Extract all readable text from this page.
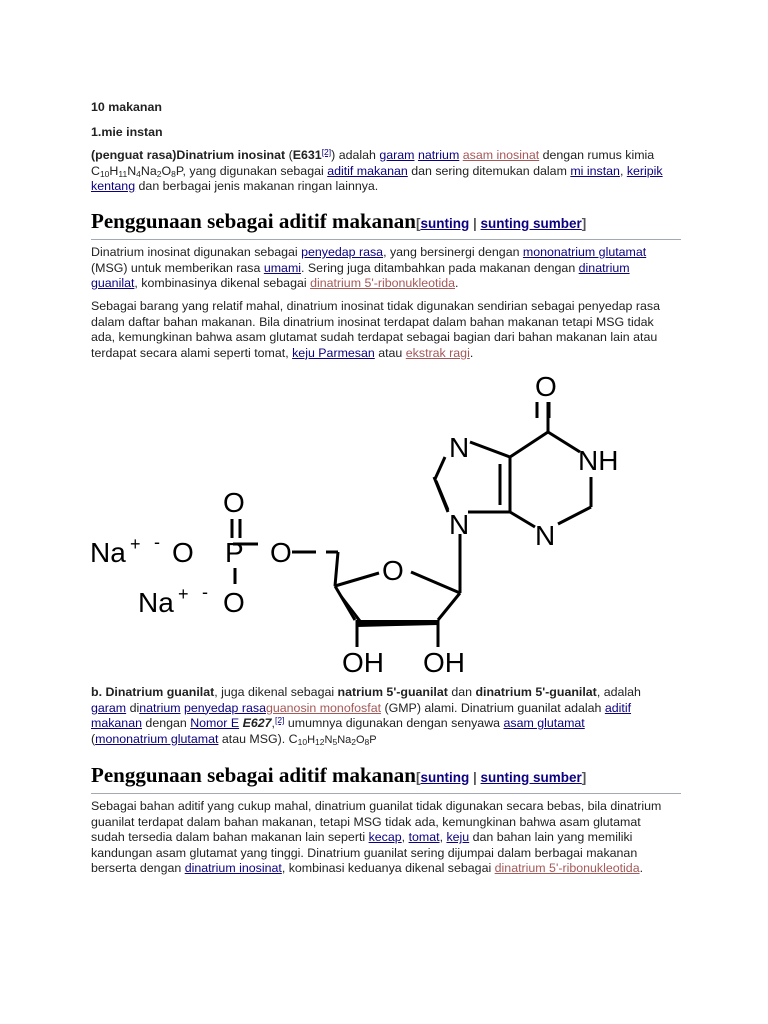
10 makanan

1.mie instan

(penguat rasa)Dinatrium inosinat (E631[2]) adalah garam natrium asam inosinat dengan rumus kimia $C_{10}H_{11}N_4Na_2O_8P$, yang digunakan sebagai aditif makanan dan sering ditemukan dalam mi instan, keripik kentang dan berbagai jenis makanan ringan lainnya.

Penggunaan sebagai aditif makanan[sunting | sunting sumber]

Dinatrium inosinat digunakan sebagai penyedap rasa, yang bersinergi dengan mononatrium glutamat (MSG) untuk memberikan rasa umami. Sering juga ditambahkan pada makanan dengan dinatrium guanilat, kombinasinya dikenal sebagai dinatrium 5'-ribonukleotida.

Sebagai barang yang relatif mahal, dinatrium inosinat tidak digunakan sendirian sebagai penyedap rasa dalam daftar bahan makanan. Bila dinatrium inosinat terdapat dalam bahan makanan tetapi MSG tidak ada, kemungkinan bahwa asam glutamat sudah terdapat sebagai bagian dari bahan makanan lain atau terdapat secara alami seperti tomat, keju Parmesan atau ekstrak ragi.

b. Dinatrium guanilat, juga dikenal sebagai natrium 5'-guanilat dan dinatrium 5'-guanilat, adalah garam dinatrium penyedap rasaguanosin monofosfat (GMP) alami. Dinatrium guanilat adalah aditif makanan dengan Nomor E E627,[2] umumnya digunakan dengan senyawa asam glutamat (mononatrium glutamat atau MSG). $C_{10}H_{12}N_5Na_2O_8P$

Penggunaan sebagai aditif makanan[sunting | sunting sumber]

Sebagai bahan aditif yang cukup mahal, dinatrium guanilat tidak digunakan secara bebas, bila dinatrium guanilat terdapat dalam bahan makanan, tetapi MSG tidak ada, kemungkinan bahwa asam glutamat sudah tersedia dalam bahan makanan lain seperti kecap, tomat, keju dan bahan lain yang memiliki kandungan asam glutamat yang tinggi. Dinatrium guanilat sering dijumpai dalam berbagai makanan berserta dengan dinatrium inosinat, kombinasi keduanya dikenal sebagai dinatrium 5'-ribonukleotida.

Na + - O P
O
O
Na + - O
O
OH OH
N
N
N
NH
O
